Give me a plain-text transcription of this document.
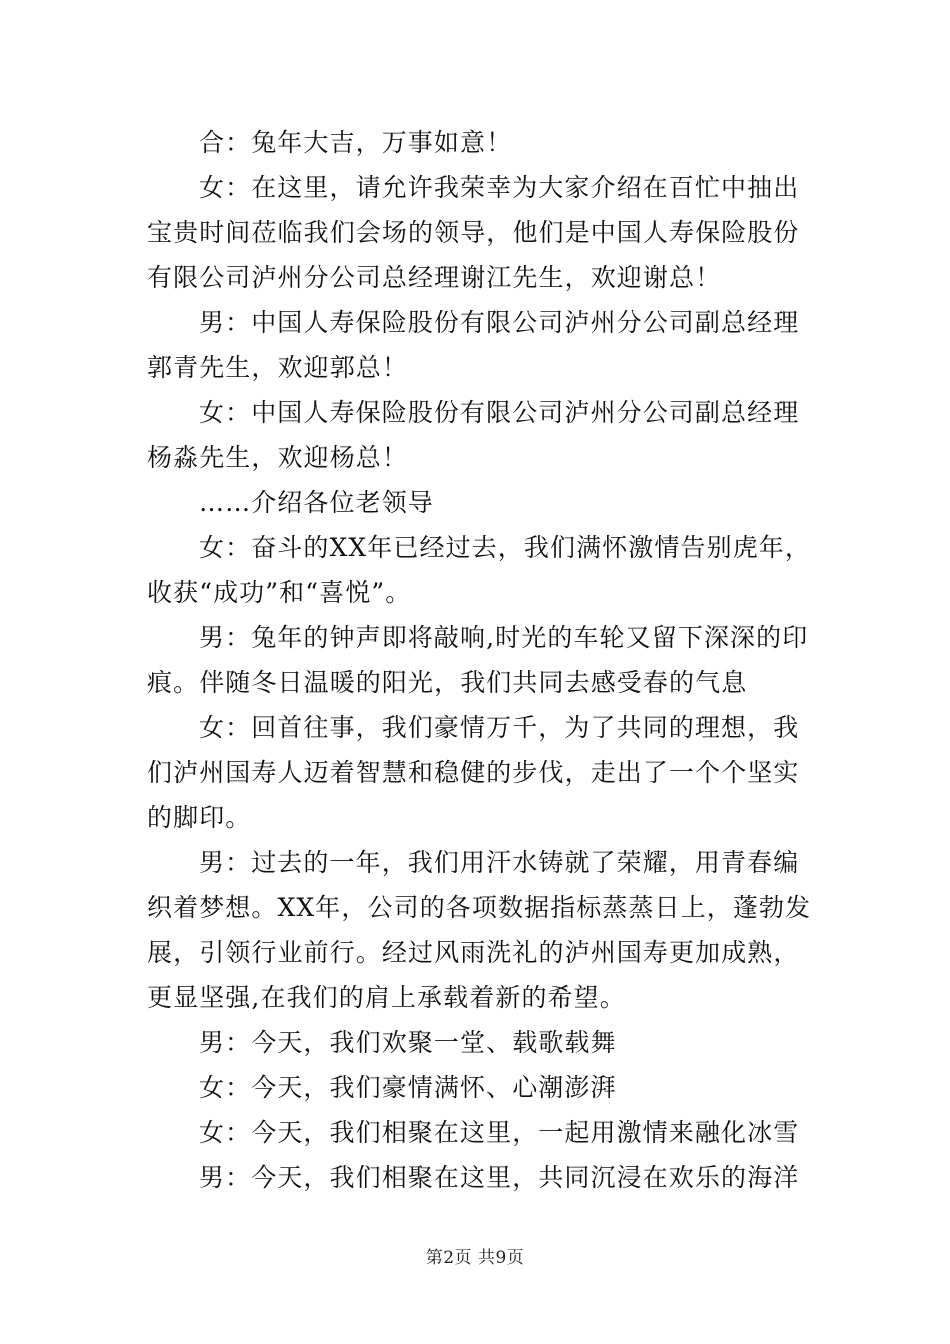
合：兔年大吉，万事如意！

女：在这里，请允许我荣幸为大家介绍在百忙中抽出宝贵时间莅临我们会场的领导，他们是中国人寿保险股份有限公司泸州分公司总经理谢江先生，欢迎谢总！

男：中国人寿保险股份有限公司泸州分公司副总经理郭青先生，欢迎郭总！

女：中国人寿保险股份有限公司泸州分公司副总经理杨淼先生，欢迎杨总！

……介绍各位老领导

女：奋斗的XX年已经过去，我们满怀激情告别虎年，收获“成功”和“喜悦”。

男：兔年的钟声即将敲响,时光的车轮又留下深深的印痕。伴随冬日温暖的阳光，我们共同去感受春的气息

女：回首往事，我们豪情万千，为了共同的理想，我们泸州国寿人迈着智慧和稳健的步伐，走出了一个个坚实的脚印。

男：过去的一年，我们用汗水铸就了荣耀，用青春编织着梦想。XX年，公司的各项数据指标蒸蒸日上，蓬勃发展，引领行业前行。经过风雨洗礼的泸州国寿更加成熟，更显坚强,在我们的肩上承载着新的希望。

男：今天，我们欢聚一堂、载歌载舞

女：今天，我们豪情满怀、心潮澎湃

女：今天，我们相聚在这里，一起用激情来融化冰雪

男：今天，我们相聚在这里，共同沉浸在欢乐的海洋

第2页 共9页
